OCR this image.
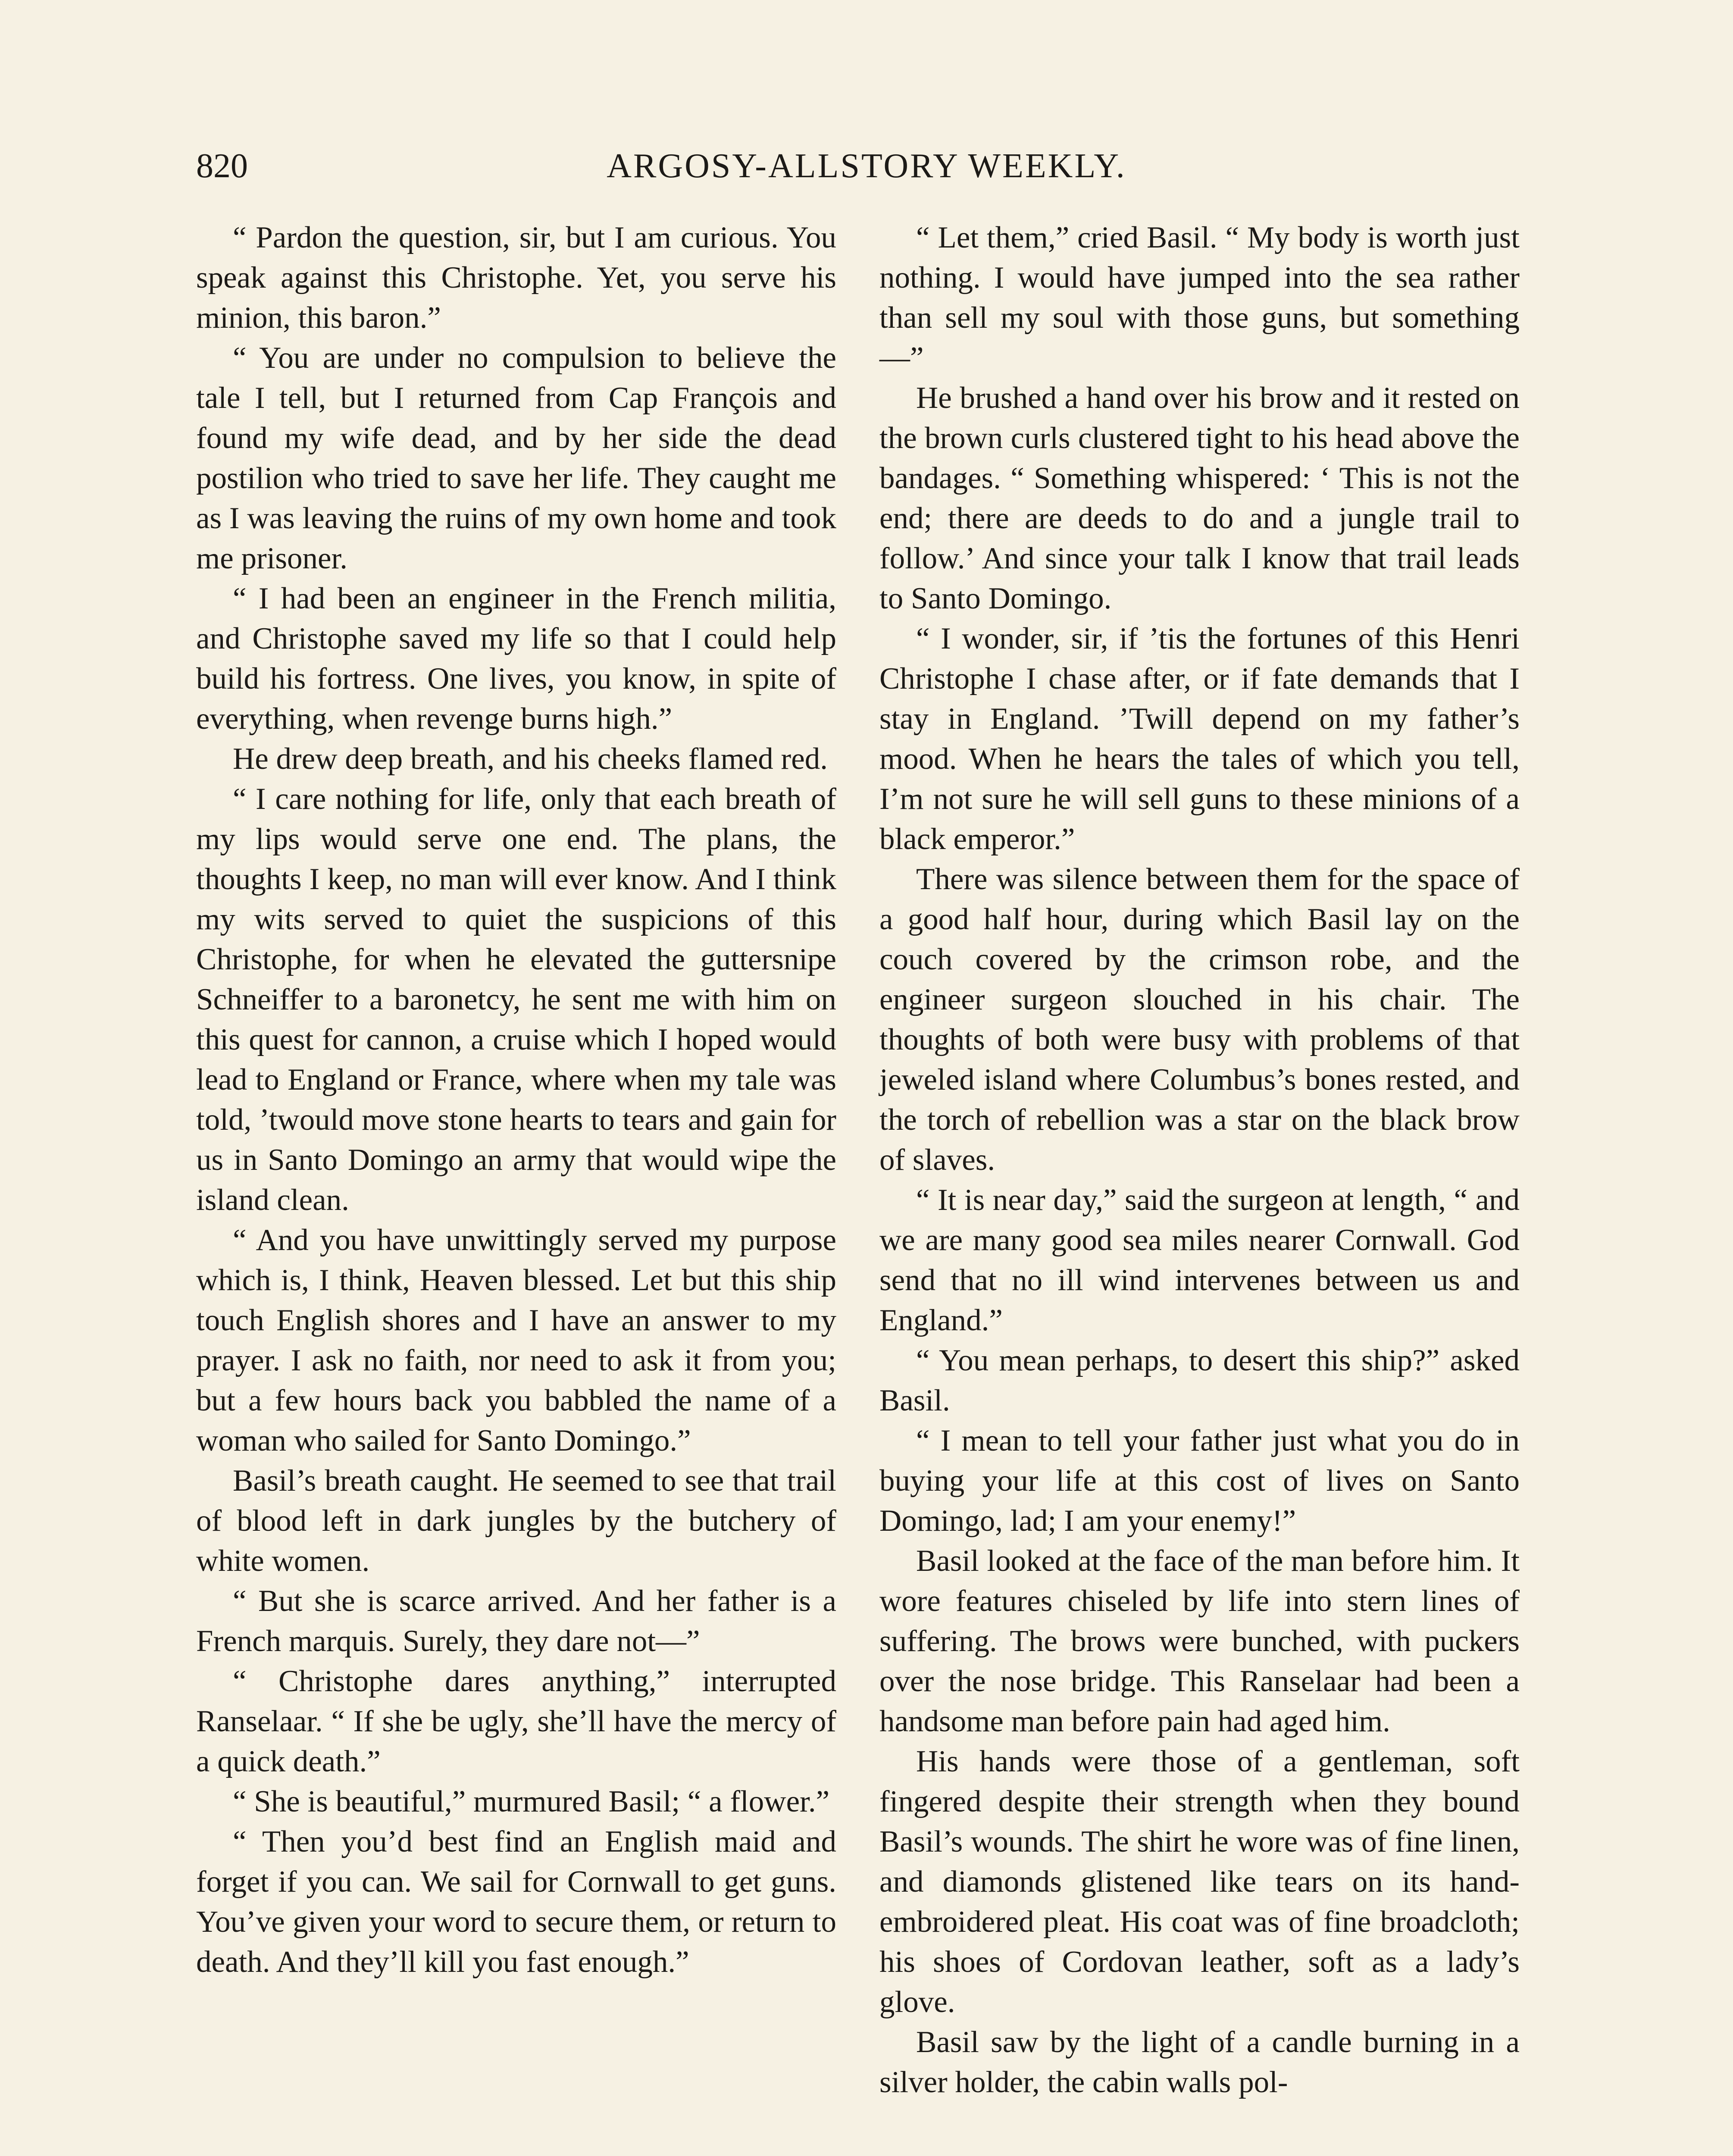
820	ARGOSY-ALLSTORY WEEKLY.

“ Pardon the question, sir, but I am curious. You speak against this Christophe. Yet, you serve his minion, this baron.”

“ You are under no compulsion to believe the tale I tell, but I returned from Cap François and found my wife dead, and by her side the dead postilion who tried to save her life. They caught me as I was leaving the ruins of my own home and took me prisoner.

“ I had been an engineer in the French militia, and Christophe saved my life so that I could help build his fortress. One lives, you know, in spite of everything, when revenge burns high.”

He drew deep breath, and his cheeks flamed red.

“ I care nothing for life, only that each breath of my lips would serve one end. The plans, the thoughts I keep, no man will ever know. And I think my wits served to quiet the suspicions of this Christophe, for when he elevated the guttersnipe Schneiffer to a baronetcy, he sent me with him on this quest for cannon, a cruise which I hoped would lead to England or France, where when my tale was told, ’twould move stone hearts to tears and gain for us in Santo Domingo an army that would wipe the island clean.

“ And you have unwittingly served my purpose which is, I think, Heaven blessed. Let but this ship touch English shores and I have an answer to my prayer. I ask no faith, nor need to ask it from you; but a few hours back you babbled the name of a woman who sailed for Santo Domingo.”

Basil’s breath caught. He seemed to see that trail of blood left in dark jungles by the butchery of white women.

“ But she is scarce arrived. And her father is a French marquis. Surely, they dare not—”

“ Christophe dares anything,” interrupted Ranselaar. “ If she be ugly, she’ll have the mercy of a quick death.”

“ She is beautiful,” murmured Basil; “ a flower.”

“ Then you’d best find an English maid and forget if you can. We sail for Cornwall to get guns. You’ve given your word to secure them, or return to death. And they’ll kill you fast enough.”

“ Let them,” cried Basil. “ My body is worth just nothing. I would have jumped into the sea rather than sell my soul with those guns, but something—”

He brushed a hand over his brow and it rested on the brown curls clustered tight to his head above the bandages. “ Something whispered: ‘ This is not the end; there are deeds to do and a jungle trail to follow.’ And since your talk I know that trail leads to Santo Domingo.

“ I wonder, sir, if ’tis the fortunes of this Henri Christophe I chase after, or if fate demands that I stay in England. ’Twill depend on my father’s mood. When he hears the tales of which you tell, I’m not sure he will sell guns to these minions of a black emperor.”

There was silence between them for the space of a good half hour, during which Basil lay on the couch covered by the crimson robe, and the engineer surgeon slouched in his chair. The thoughts of both were busy with problems of that jeweled island where Columbus’s bones rested, and the torch of rebellion was a star on the black brow of slaves.

“ It is near day,” said the surgeon at length, “ and we are many good sea miles nearer Cornwall. God send that no ill wind intervenes between us and England.”

“ You mean perhaps, to desert this ship?” asked Basil.

“ I mean to tell your father just what you do in buying your life at this cost of lives on Santo Domingo, lad; I am your enemy!”

Basil looked at the face of the man before him. It wore features chiseled by life into stern lines of suffering. The brows were bunched, with puckers over the nose bridge. This Ranselaar had been a handsome man before pain had aged him.

His hands were those of a gentleman, soft fingered despite their strength when they bound Basil’s wounds. The shirt he wore was of fine linen, and diamonds glistened like tears on its hand-embroidered pleat. His coat was of fine broadcloth; his shoes of Cordovan leather, soft as a lady’s glove.

Basil saw by the light of a candle burning in a silver holder, the cabin walls pol-
